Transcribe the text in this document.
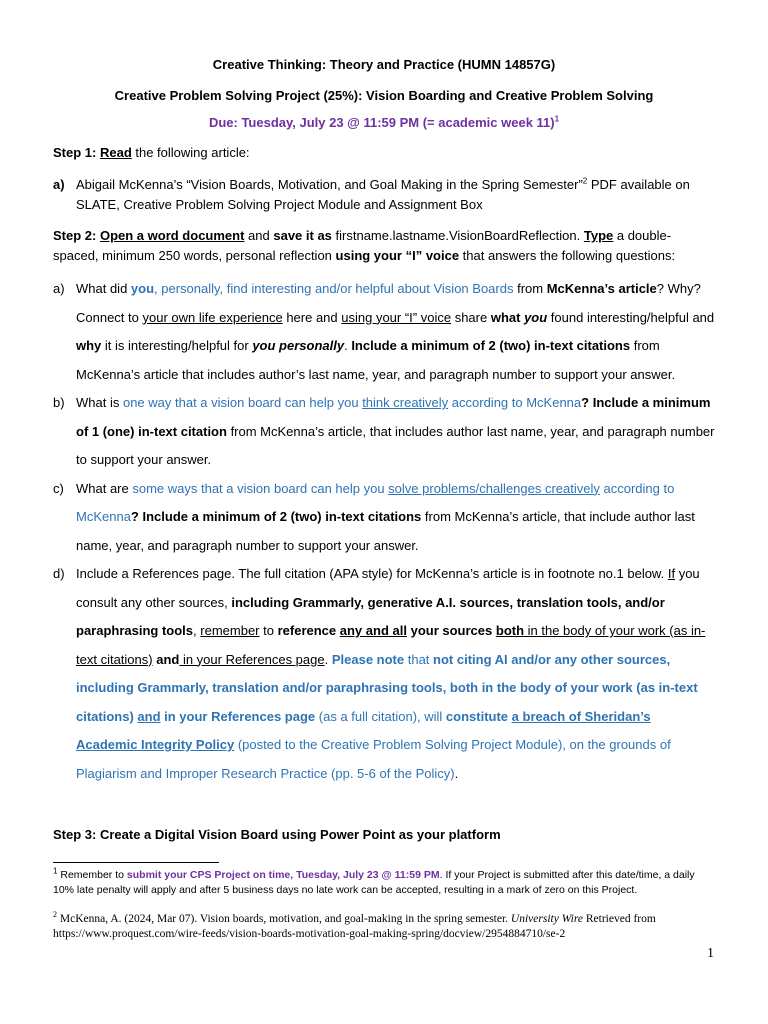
Creative Thinking: Theory and Practice (HUMN 14857G)
Creative Problem Solving Project (25%): Vision Boarding and Creative Problem Solving
Due: Tuesday, July 23 @ 11:59 PM (= academic week 11)$^1$
Step 1: Read the following article:
a) Abigail McKenna’s “Vision Boards, Motivation, and Goal Making in the Spring Semester”$^2$ PDF available on SLATE, Creative Problem Solving Project Module and Assignment Box
Step 2: Open a word document and save it as firstname.lastname.VisionBoardReflection. Type a double-spaced, minimum 250 words, personal reflection using your “I” voice that answers the following questions:
a) What did you, personally, find interesting and/or helpful about Vision Boards from McKenna’s article? Why? Connect to your own life experience here and using your “I” voice share what you found interesting/helpful and why it is interesting/helpful for you personally. Include a minimum of 2 (two) in-text citations from McKenna’s article that includes author’s last name, year, and paragraph number to support your answer.
b) What is one way that a vision board can help you think creatively according to McKenna? Include a minimum of 1 (one) in-text citation from McKenna’s article, that includes author last name, year, and paragraph number to support your answer.
c) What are some ways that a vision board can help you solve problems/challenges creatively according to McKenna? Include a minimum of 2 (two) in-text citations from McKenna’s article, that include author last name, year, and paragraph number to support your answer.
d) Include a References page. The full citation (APA style) for McKenna’s article is in footnote no.1 below. If you consult any other sources, including Grammarly, generative A.I. sources, translation tools, and/or paraphrasing tools, remember to reference any and all your sources both in the body of your work (as in-text citations) and in your References page. Please note that not citing AI and/or any other sources, including Grammarly, translation and/or paraphrasing tools, both in the body of your work (as in-text citations) and in your References page (as a full citation), will constitute a breach of Sheridan’s Academic Integrity Policy (posted to the Creative Problem Solving Project Module), on the grounds of Plagiarism and Improper Research Practice (pp. 5-6 of the Policy).
Step 3: Create a Digital Vision Board using Power Point as your platform
$^1$ Remember to submit your CPS Project on time, Tuesday, July 23 @ 11:59 PM. If your Project is submitted after this date/time, a daily 10% late penalty will apply and after 5 business days no late work can be accepted, resulting in a mark of zero on this Project.
$^2$ McKenna, A. (2024, Mar 07). Vision boards, motivation, and goal-making in the spring semester. University Wire Retrieved from https://www.proquest.com/wire-feeds/vision-boards-motivation-goal-making-spring/docview/2954884710/se-2
1
